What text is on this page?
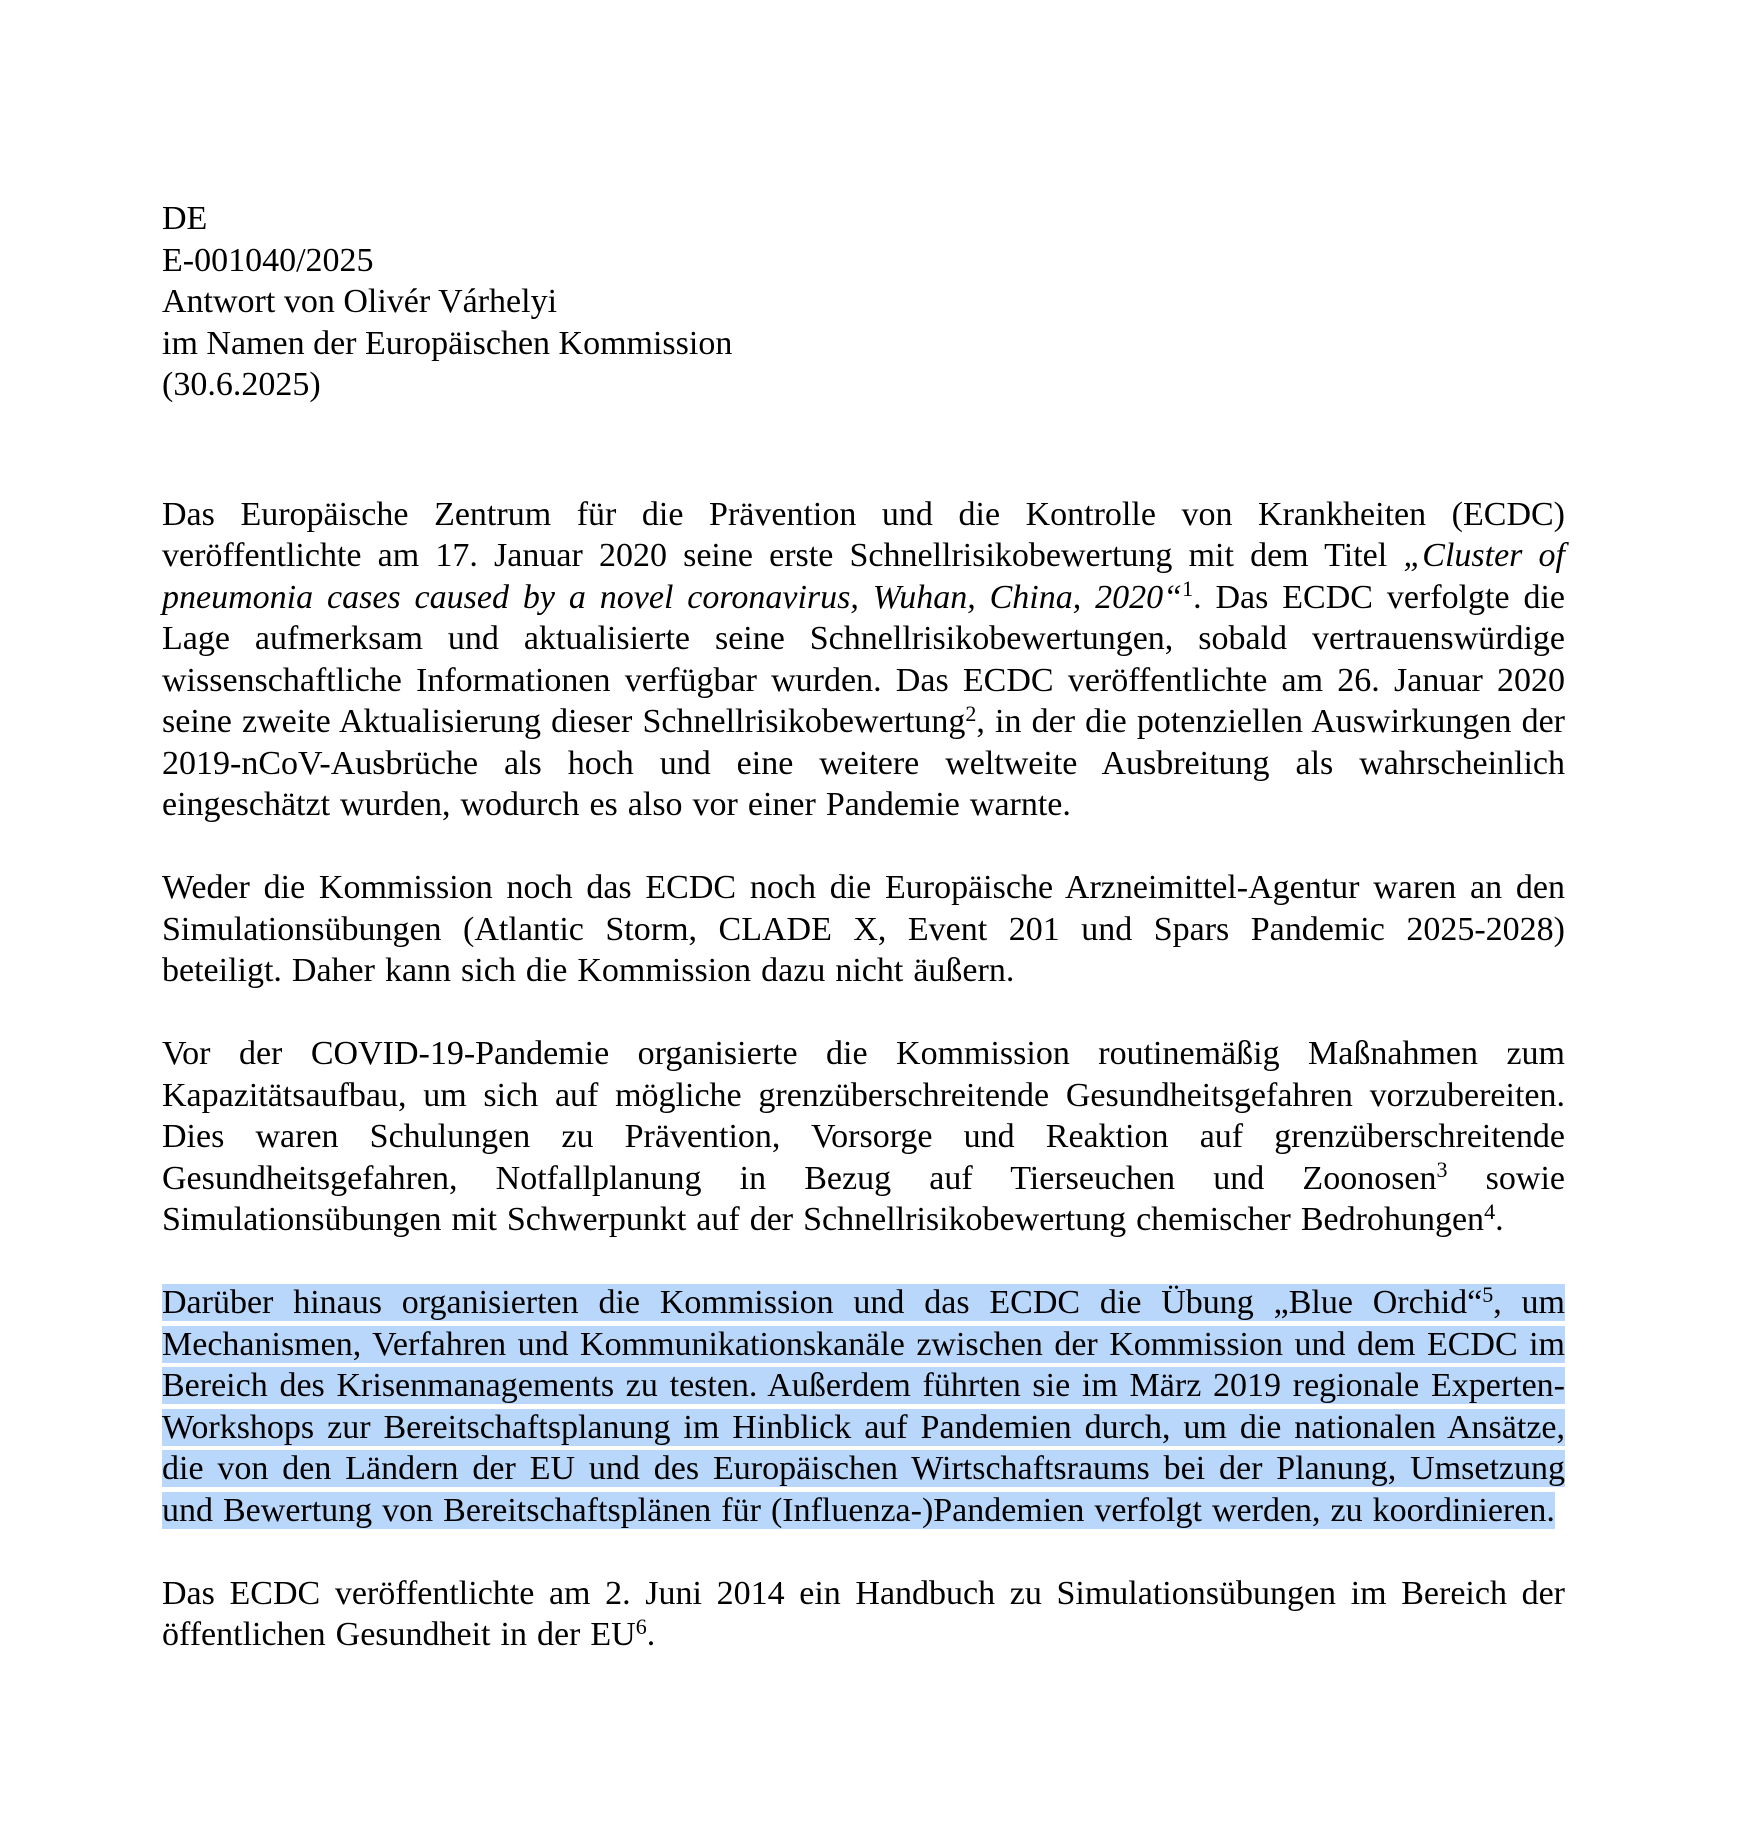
DE

E-001040/2025

Antwort von Olivér Várhelyi

im Namen der Europäischen Kommission

(30.6.2025)

Das Europäische Zentrum für die Prävention und die Kontrolle von Krankheiten (ECDC) veröffentlichte am 17. Januar 2020 seine erste Schnellrisikobewertung mit dem Titel „Cluster of pneumonia cases caused by a novel coronavirus, Wuhan, China, 2020“$^1$. Das ECDC verfolgte die Lage aufmerksam und aktualisierte seine Schnellrisikobewertungen, sobald vertrauenswürdige wissenschaftliche Informationen verfügbar wurden. Das ECDC veröffentlichte am 26. Januar 2020 seine zweite Aktualisierung dieser Schnellrisikobewertung$^2$, in der die potenziellen Auswirkungen der 2019-nCoV-Ausbrüche als hoch und eine weitere weltweite Ausbreitung als wahrscheinlich eingeschätzt wurden, wodurch es also vor einer Pandemie warnte.

Weder die Kommission noch das ECDC noch die Europäische Arzneimittel-Agentur waren an den Simulationsübungen (Atlantic Storm, CLADE X, Event 201 und Spars Pandemic 2025-2028) beteiligt. Daher kann sich die Kommission dazu nicht äußern.

Vor der COVID-19-Pandemie organisierte die Kommission routinemäßig Maßnahmen zum Kapazitätsaufbau, um sich auf mögliche grenzüberschreitende Gesundheitsgefahren vorzubereiten. Dies waren Schulungen zu Prävention, Vorsorge und Reaktion auf grenzüberschreitende Gesundheitsgefahren, Notfallplanung in Bezug auf Tierseuchen und Zoonosen$^3$ sowie Simulationsübungen mit Schwerpunkt auf der Schnellrisikobewertung chemischer Bedrohungen$^4$.

Darüber hinaus organisierten die Kommission und das ECDC die Übung „Blue Orchid“$^5$, um Mechanismen, Verfahren und Kommunikationskanäle zwischen der Kommission und dem ECDC im Bereich des Krisenmanagements zu testen. Außerdem führten sie im März 2019 regionale Experten-Workshops zur Bereitschaftsplanung im Hinblick auf Pandemien durch, um die nationalen Ansätze, die von den Ländern der EU und des Europäischen Wirtschaftsraums bei der Planung, Umsetzung und Bewertung von Bereitschaftsplänen für (Influenza-)Pandemien verfolgt werden, zu koordinieren.

Das ECDC veröffentlichte am 2. Juni 2014 ein Handbuch zu Simulationsübungen im Bereich der öffentlichen Gesundheit in der EU$^6$.
